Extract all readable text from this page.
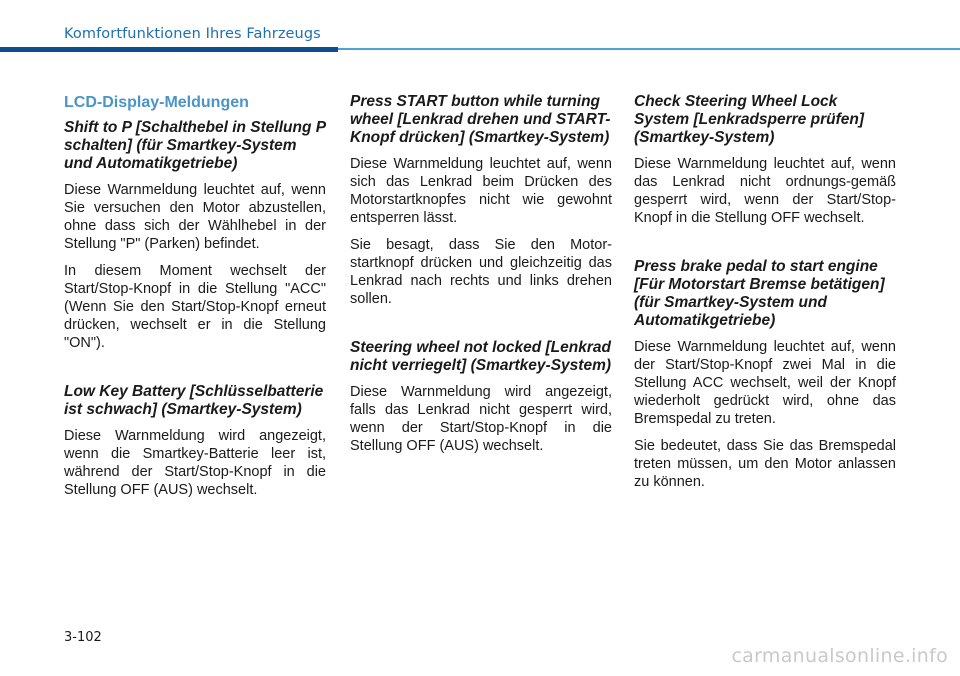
Komfortfunktionen Ihres Fahrzeugs
LCD-Display-Meldungen
Shift to P [Schalthebel in Stellung P schalten] (für Smartkey-System und Automatikgetriebe)
Diese Warnmeldung leuchtet auf, wenn Sie versuchen den Motor abzustellen, ohne dass sich der Wählhebel in der Stellung "P" (Parken) befindet.
In diesem Moment wechselt der Start/Stop-Knopf in die Stellung "ACC" (Wenn Sie den Start/Stop-Knopf erneut drücken, wechselt er in die Stellung "ON").
Low Key Battery [Schlüsselbatterie ist schwach] (Smartkey-System)
Diese Warnmeldung wird angezeigt, wenn die Smartkey-Batterie leer ist, während der Start/Stop-Knopf in die Stellung OFF (AUS) wechselt.
Press START button while turning wheel [Lenkrad drehen und START-Knopf drücken] (Smartkey-System)
Diese Warnmeldung leuchtet auf, wenn sich das Lenkrad beim Drücken des Motorstartknopfes nicht wie gewohnt entsperren lässt.
Sie besagt, dass Sie den Motor-startknopf drücken und gleichzeitig das Lenkrad nach rechts und links drehen sollen.
Steering wheel not locked [Lenkrad nicht verriegelt] (Smartkey-System)
Diese Warnmeldung wird angezeigt, falls das Lenkrad nicht gesperrt wird, wenn der Start/Stop-Knopf in die Stellung OFF (AUS) wechselt.
Check Steering Wheel Lock System [Lenkradsperre prüfen] (Smartkey-System)
Diese Warnmeldung leuchtet auf, wenn das Lenkrad nicht ordnungs-gemäß gesperrt wird, wenn der Start/Stop-Knopf in die Stellung OFF wechselt.
Press brake pedal to start engine [Für Motorstart Bremse betätigen] (für Smartkey-System und Automatikgetriebe)
Diese Warnmeldung leuchtet auf, wenn der Start/Stop-Knopf zwei Mal in die Stellung ACC wechselt, weil der Knopf wiederholt gedrückt wird, ohne das Bremspedal zu treten.
Sie bedeutet, dass Sie das Bremspedal treten müssen, um den Motor anlassen zu können.
3-102
carmanualsonline.info
